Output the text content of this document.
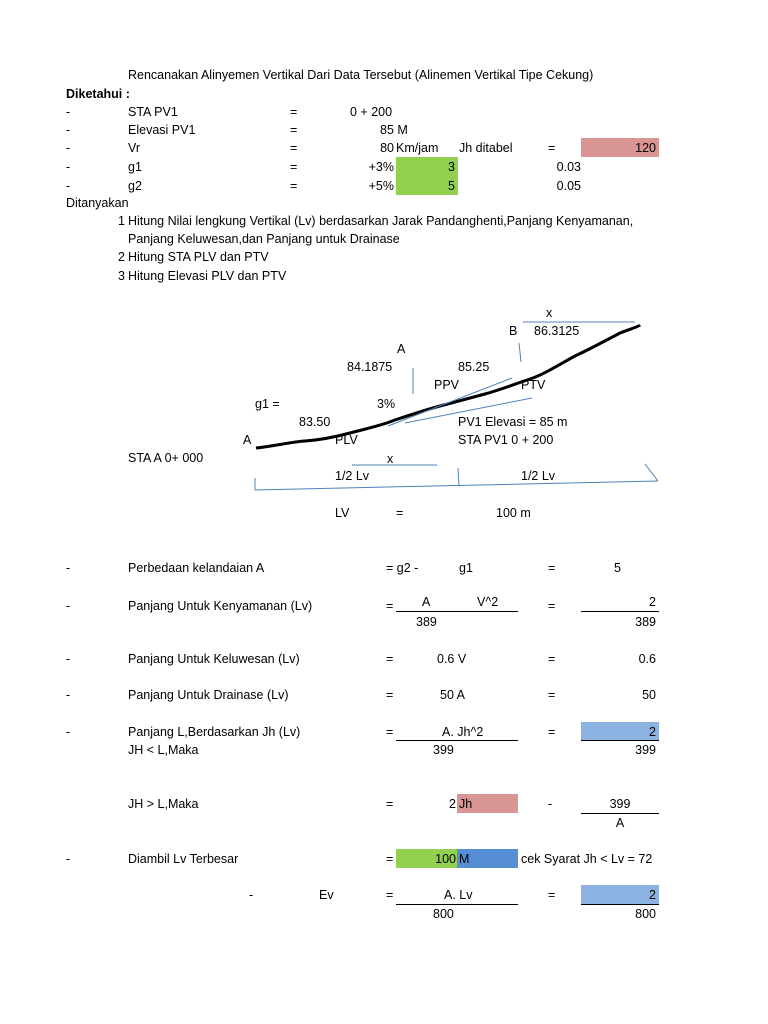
Rencanakan Alinyemen Vertikal Dari Data Tersebut (Alinemen Vertikal Tipe Cekung)
Diketahui :
-	STA PV1	=	0 + 200
-	Elevasi PV1	=	85 M
-	Vr	=	80 Km/jam Jh ditabel	=	120
-	g1	=	+3%	3	0.03
-	g2	=	+5%	5	0.05
Ditanyakan
1 Hitung Nilai lengkung Vertikal (Lv) berdasarkan Jarak Pandanghenti,Panjang Kenyamanan,
Panjang Keluwesan,dan Panjang untuk Drainase
2 Hitung STA PLV dan PTV
3 Hitung Elevasi PLV dan PTV
x
B 86.3125
A
84.1875	85.25
PPV	PTV
g1 =	3%
83.50	PV1 Elevasi = 85 m
A	PLV	STA PV1 0 + 200
STA A 0+ 000	x
1/2 Lv	1/2 Lv
LV	=	100 m
-	Perbedaan kelandaian A	= g2 -	g1	=	5
-	Panjang Untuk Kenyamanan (Lv)	= A	V^2
389
=	2
389
-	Panjang Untuk Keluwesan (Lv)	=	0.6 V	=	0.6
-	Panjang Untuk Drainase (Lv)	=	50 A	=	50
-	Panjang L,Berdasarkan Jh (Lv)
JH < L,Maka
=	A. Jh^2
399
=	2
399
JH > L,Maka	=	2 Jh	-	399
A
-	Diambil Lv Terbesar	=	100 M	cek Syarat Jh < Lv = 72
-	Ev	=	A. Lv
800
=	2
800
